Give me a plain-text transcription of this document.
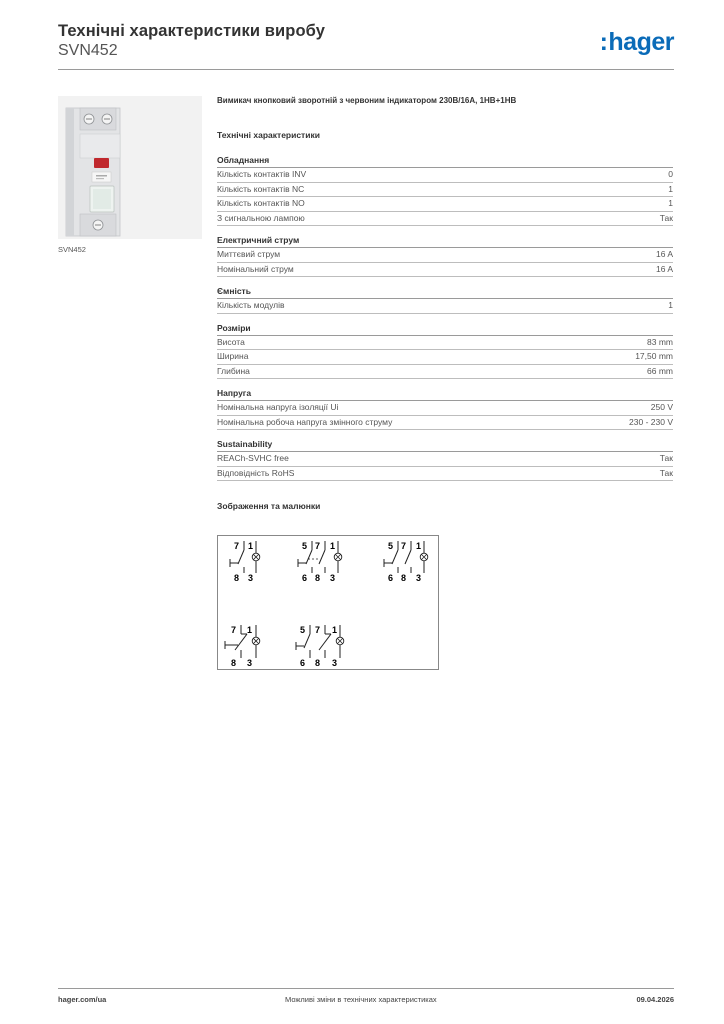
Технічні характеристики виробу
SVN452	:hager
SVN452
Вимикач кнопковий зворотній з червоним індикатором 230В/16А, 1НВ+1НВ
Технічні характеристики
Обладнання
Кількість контактів INV	0
Кількість контактів NC	1
Кількість контактів NO	1
З сигнальною лампою	Так
Електричний струм
Миттєвий струм	16 A
Номінальний струм	16 A
Ємність
Кількість модулів	1
Розміри
Висота	83 mm
Ширина	17,50 mm
Глибина	66 mm
Напруга
Номінальна напруга ізоляції Ui	250 V
Номінальна робоча напруга змінного струму	230 - 230 V
Sustainability
REACh-SVHC free	Так
Відповідність RoHS	Так
Зображення та малюнки
7
8
1
3
5
6
7
8
1
3
5
6
7
8
1
3
7
8
1
3
5
6
7
8
1
3
hager.com/ua	Можливі зміни в технічних характеристиках	09.04.2026
